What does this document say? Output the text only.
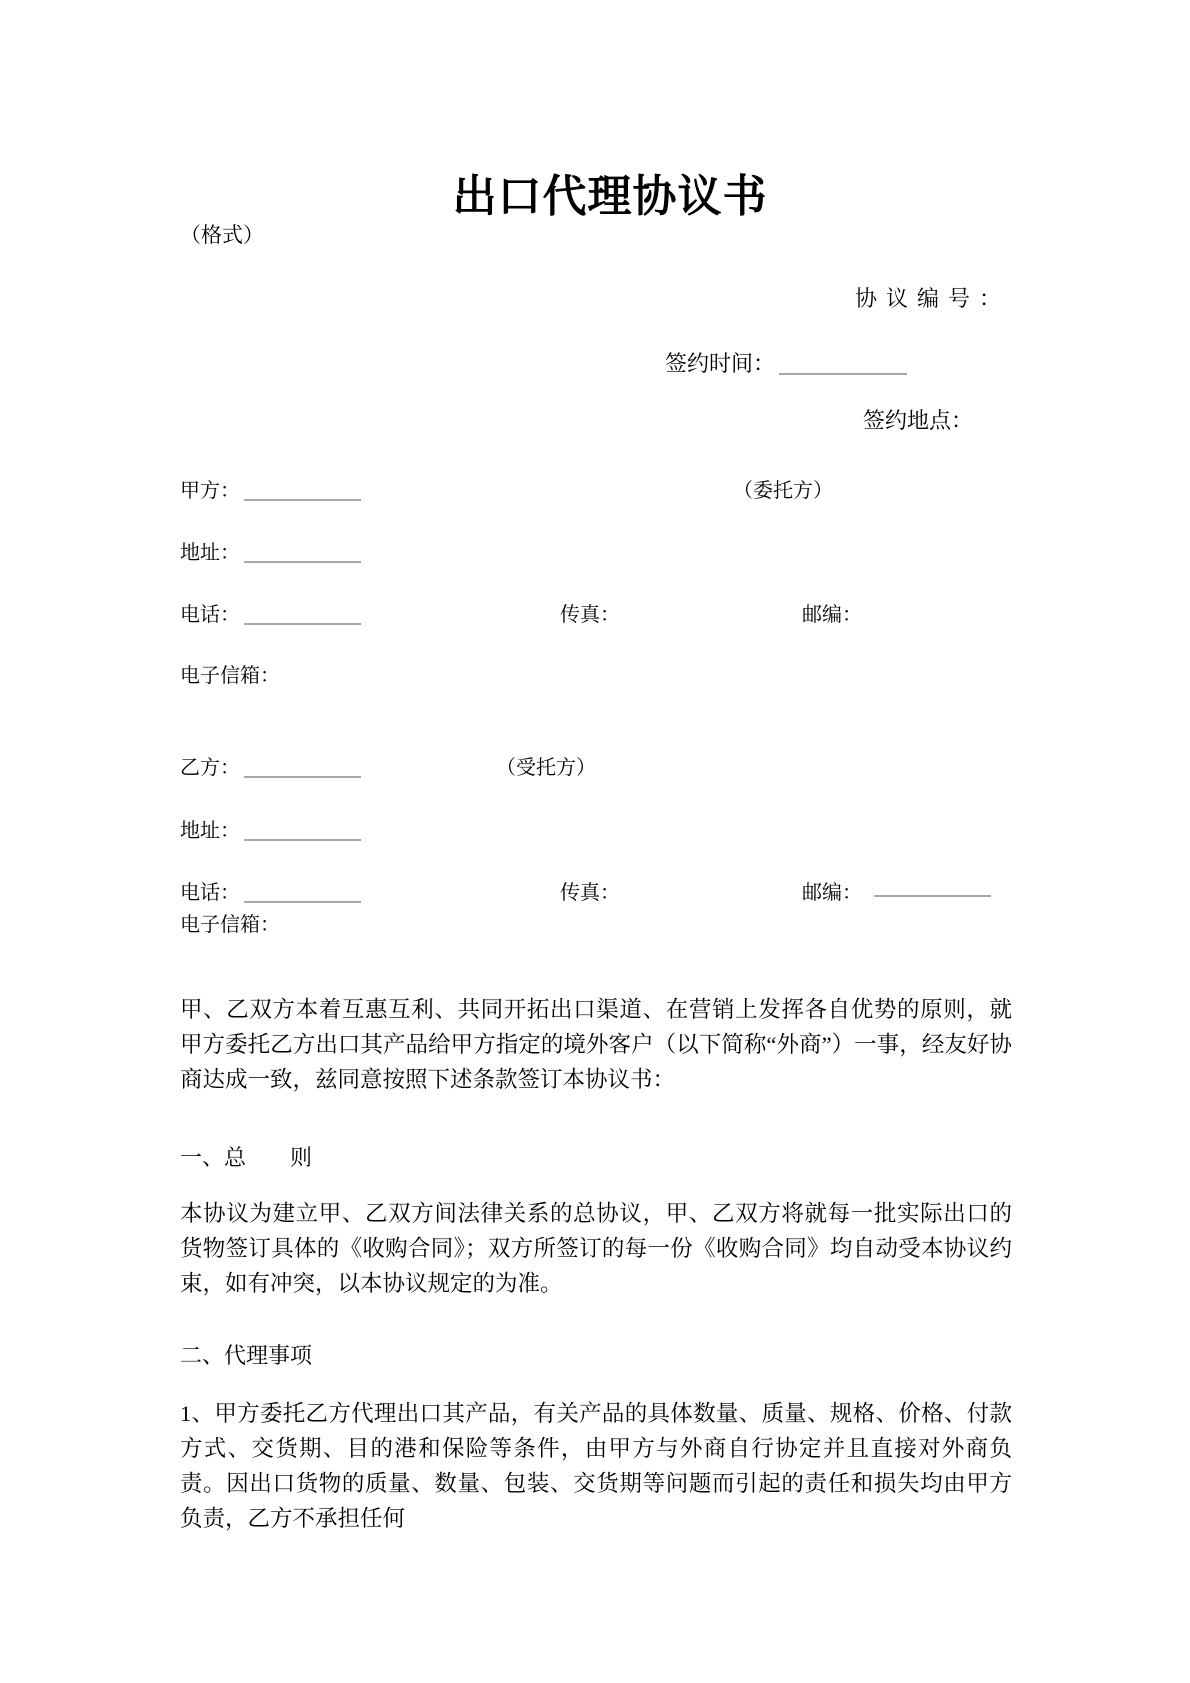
出口代理协议书
（格式）
协议编号：
签约时间：
签约地点：
甲方：	（委托方）
地址：
电话：	传真：	邮编：
电子信箱：
乙方：	（受托方）
地址：
电话：	传真：	邮编：
电子信箱：

甲、乙双方本着互惠互利、共同开拓出口渠道、在营销上发挥各自优势的原则，就甲方委托乙方出口其产品给甲方指定的境外客户（以下简称“外商”）一事，经友好协商达成一致，兹同意按照下述条款签订本协议书：

一、总　　则

本协议为建立甲、乙双方间法律关系的总协议，甲、乙双方将就每一批实际出口的货物签订具体的《收购合同》；双方所签订的每一份《收购合同》均自动受本协议约束，如有冲突，以本协议规定的为准。

二、代理事项

1、甲方委托乙方代理出口其产品，有关产品的具体数量、质量、规格、价格、付款方式、交货期、目的港和保险等条件，由甲方与外商自行协定并且直接对外商负责。因出口货物的质量、数量、包装、交货期等问题而引起的责任和损失均由甲方负责，乙方不承担任何
